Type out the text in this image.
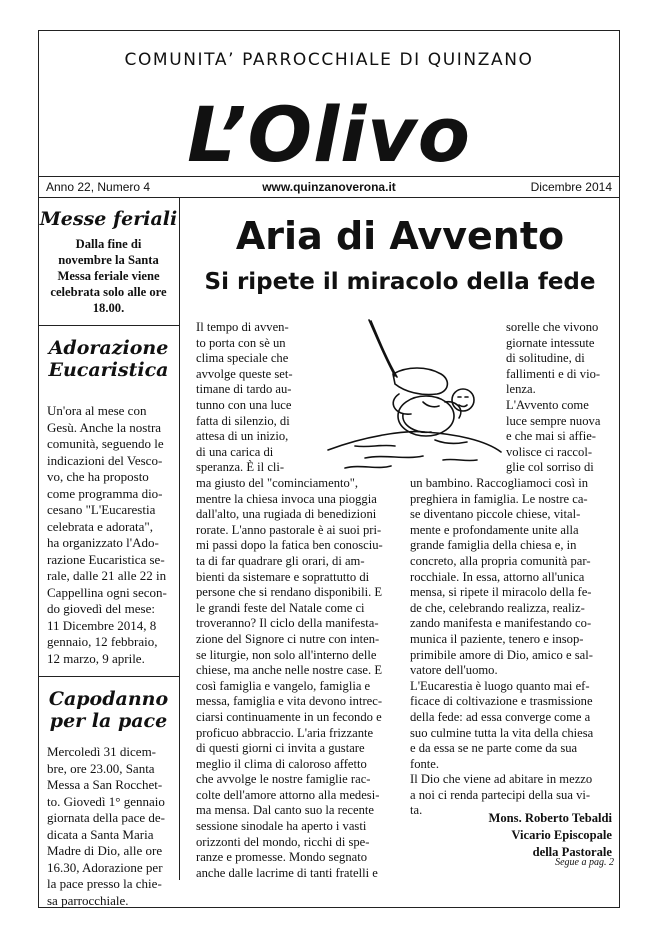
COMUNITA’ PARROCCHIALE DI QUINZANO
L’Olivo
Anno 22, Numero 4	www.quinzanoverona.it	Dicembre 2014
Messe feriali
Dalla fine di novembre la Santa Messa feriale viene celebrata solo alle ore 18.00.
Adorazione
Eucaristica
Un'ora al mese con
Gesù. Anche la nostra
comunità, seguendo le
indicazioni del Vesco-
vo, che ha proposto
come programma dio-
cesano "L'Eucarestia
celebrata e adorata",
ha organizzato l'Ado-
razione Eucaristica se-
rale, dalle 21 alle 22 in
Cappellina ogni secon-
do giovedì del mese:
11 Dicembre 2014, 8
gennaio, 12 febbraio,
12 marzo, 9 aprile.
Capodanno
per la pace
Mercoledì 31 dicem-
bre, ore 23.00, Santa
Messa a San Rocchet-
to. Giovedì 1° gennaio
giornata della pace de-
dicata a Santa Maria
Madre di Dio, alle ore
16.30, Adorazione per
la pace presso la chie-
sa parrocchiale.
Aria di Avvento
Si ripete il miracolo della fede
Il tempo di avven-
to porta con sè un
clima speciale che
avvolge queste set-
timane di tardo au-
tunno con una luce
fatta di silenzio, di
attesa di un inizio,
di una carica di
speranza. È il cli-
ma giusto del "cominciamento",
mentre la chiesa invoca una pioggia
dall'alto, una rugiada di benedizioni
rorate. L'anno pastorale è ai suoi pri-
mi passi dopo la fatica ben conosciu-
ta di far quadrare gli orari, di am-
bienti da sistemare e soprattutto di
persone che si rendano disponibili. E
le grandi feste del Natale come ci
troveranno? Il ciclo della manifesta-
zione del Signore ci nutre con inten-
se liturgie, non solo all'interno delle
chiese, ma anche nelle nostre case. E
così famiglia e vangelo, famiglia e
messa, famiglia e vita devono intrec-
ciarsi continuamente in un fecondo e
proficuo abbraccio. L'aria frizzante
di questi giorni ci invita a gustare
meglio il clima di caloroso affetto
che avvolge le nostre famiglie rac-
colte dell'amore attorno alla medesi-
ma mensa. Dal canto suo la recente
sessione sinodale ha aperto i vasti
orizzonti del mondo, ricchi di spe-
ranze e promesse. Mondo segnato
anche dalle lacrime di tanti fratelli e
sorelle che vivono
giornate intessute
di solitudine, di
fallimenti e di vio-
lenza.
L'Avvento come
luce sempre nuova
e che mai si affie-
volisce ci raccol-
glie col sorriso di
un bambino. Raccogliamoci così in
preghiera in famiglia. Le nostre ca-
se diventano piccole chiese, vital-
mente e profondamente unite alla
grande famiglia della chiesa e, in
concreto, alla propria comunità par-
rocchiale. In essa, attorno all'unica
mensa, si ripete il miracolo della fe-
de che, celebrando realizza, realiz-
zando manifesta e manifestando co-
munica il paziente, tenero e insop-
primibile amore di Dio, amico e sal-
vatore dell'uomo.
L'Eucarestia è luogo quanto mai ef-
ficace di coltivazione e trasmissione
della fede: ad essa converge come a
suo culmine tutta la vita della chiesa
e da essa se ne parte come da sua
fonte.
Il Dio che viene ad abitare in mezzo
a noi ci renda partecipi della sua vi-
ta.
Mons. Roberto Tebaldi
Vicario Episcopale
della Pastorale
Segue a pag. 2
